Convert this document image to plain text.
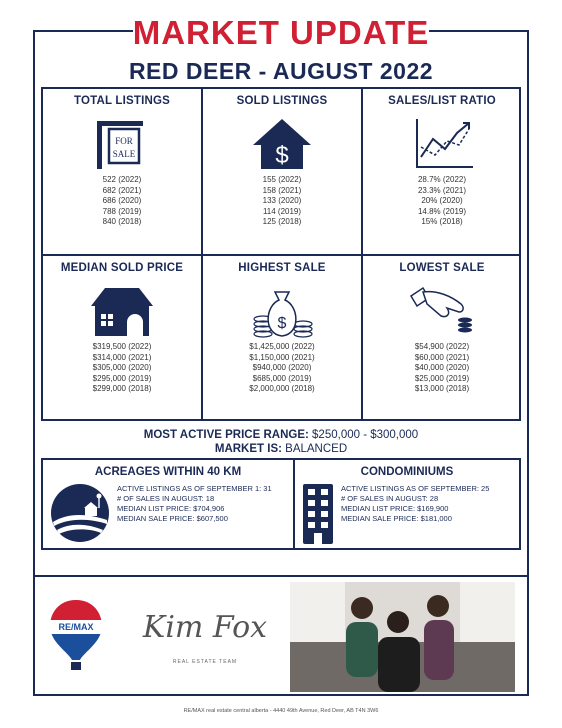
MARKET UPDATE
RED DEER - AUGUST 2022
TOTAL LISTINGS
FOR
SALE
522 (2022)
682 (2021)
686 (2020)
788 (2019)
840 (2018)
SOLD LISTINGS
$
155 (2022)
158 (2021)
133 (2020)
114 (2019)
125 (2018)
SALES/LIST RATIO
28.7% (2022)
23.3% (2021)
20% (2020)
14.8% (2019)
15% (2018)
MEDIAN SOLD PRICE
$319,500 (2022)
$314,000 (2021)
$305,000 (2020)
$295,000 (2019)
$299,000 (2018)
HIGHEST SALE
$
$1,425,000 (2022)
$1,150,000 (2021)
$940,000 (2020)
$685,000 (2019)
$2,000,000 (2018)
LOWEST SALE
$54,900 (2022)
$60,000 (2021)
$40,000 (2020)
$25,000 (2019)
$13,000 (2018)
MOST ACTIVE PRICE RANGE: $250,000 - $300,000
MARKET IS: BALANCED
ACREAGES WITHIN 40 KM
ACTIVE LISTINGS AS OF SEPTEMBER 1: 31
# OF SALES IN AUGUST: 18
MEDIAN LIST PRICE: $704,906
MEDIAN SALE PRICE: $607,500
CONDOMINIUMS
ACTIVE LISTINGS AS OF SEPTEMBER: 25
# OF SALES IN AUGUST: 28
MEDIAN LIST PRICE: $169,900
MEDIAN SALE PRICE: $181,000
RE/MAX	Kim Fox
REAL ESTATE TEAM
RE/MAX real estate central alberta - 4440 49th Avenue, Red Deer, AB T4N 3W6
